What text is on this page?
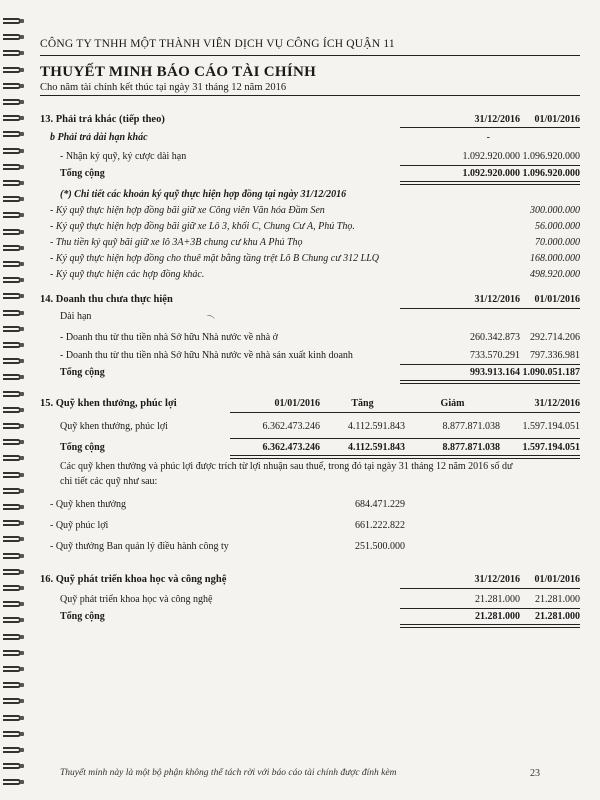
CÔNG TY TNHH MỘT THÀNH VIÊN DỊCH VỤ CÔNG ÍCH QUẬN 11
THUYẾT MINH BÁO CÁO TÀI CHÍNH
Cho năm tài chính kết thúc tại ngày 31 tháng 12 năm 2016
13. Phải trả khác (tiếp theo)	31/12/2016	01/01/2016
b Phải trả dài hạn khác	-
- Nhận ký quỹ, ký cược dài hạn	1.092.920.000 1.096.920.000
Tổng cộng	1.092.920.000 1.096.920.000
(*) Chi tiết các khoản ký quỹ thực hiện hợp đồng tại ngày 31/12/2016
- Ký quỹ thực hiện hợp đồng bãi giữ xe Công viên Văn hóa Đầm Sen	300.000.000
- Ký quỹ thực hiện hợp đồng bãi giữ xe Lô 3, khối C, Chung Cư A, Phú Thọ.	56.000.000
- Thu tiền ký quỹ bãi giữ xe lô 3A+3B chung cư khu A Phú Thọ	70.000.000
- Ký quỹ thực hiện hợp đồng cho thuê mặt bằng tầng trệt Lô B Chung cư 312 LLQ	168.000.000
- Ký quỹ thực hiện các hợp đồng khác.	498.920.000
14. Doanh thu chưa thực hiện	31/12/2016	01/01/2016
Dài hạn
- Doanh thu từ thu tiền nhà Sở hữu Nhà nước về nhà ở	260.342.873	292.714.206
- Doanh thu từ thu tiền nhà Sở hữu Nhà nước về nhà sản xuất kinh doanh	733.570.291	797.336.981
Tổng cộng	993.913.164 1.090.051.187
15. Quỹ khen thưởng, phúc lợi	01/01/2016	Tăng	Giảm	31/12/2016
Quỹ khen thưởng, phúc lợi	6.362.473.246	4.112.591.843	8.877.871.038	1.597.194.051
Tổng cộng	6.362.473.246	4.112.591.843	8.877.871.038	1.597.194.051
Các quỹ khen thưởng và phúc lợi được trích từ lợi nhuận sau thuế, trong đó tại ngày 31 tháng 12 năm 2016 số dư
chi tiết các quỹ như sau:
- Quỹ khen thưởng	684.471.229
- Quỹ phúc lợi	661.222.822
- Quỹ thưởng Ban quản lý điều hành công ty	251.500.000
16. Quỹ phát triển khoa học và công nghệ	31/12/2016	01/01/2016
Quỹ phát triển khoa học và công nghệ	21.281.000	21.281.000
Tổng cộng	21.281.000	21.281.000
⌒
Thuyết minh này là một bộ phận không thể tách rời với báo cáo tài chính được đính kèm	23
